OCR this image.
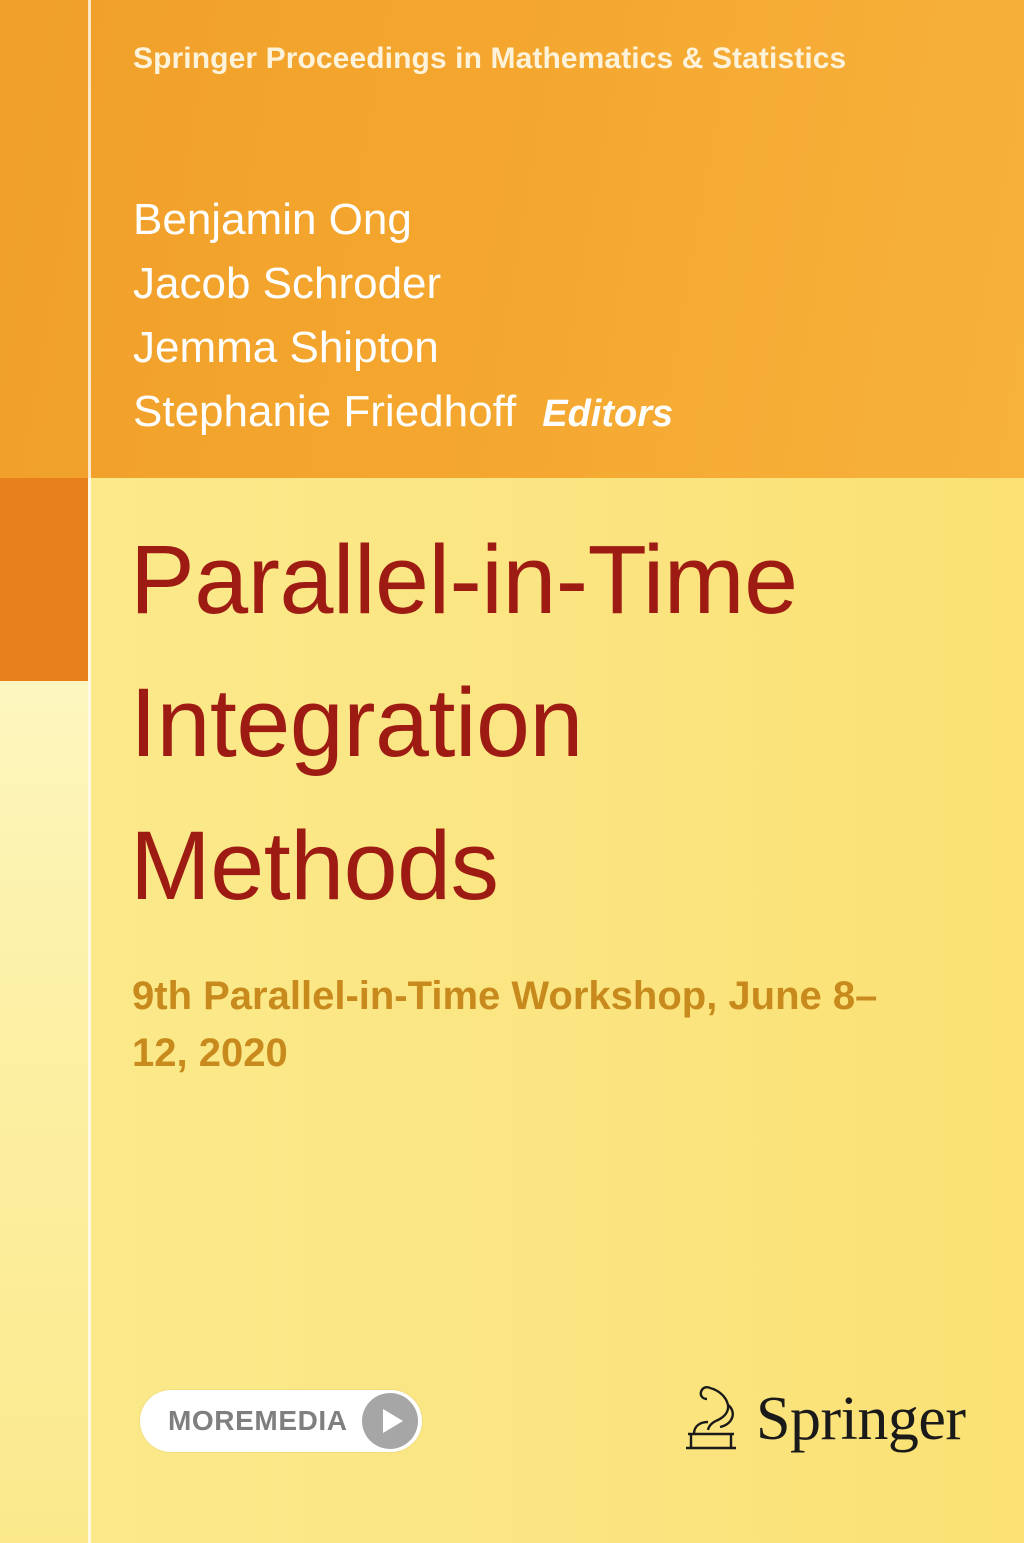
Springer Proceedings in Mathematics & Statistics
Benjamin Ong
Jacob Schroder
Jemma Shipton
Stephanie Friedhoff Editors
Parallel-in-Time Integration Methods
9th Parallel-in-Time Workshop, June 8–12, 2020
MOREMEDIA	Springer
